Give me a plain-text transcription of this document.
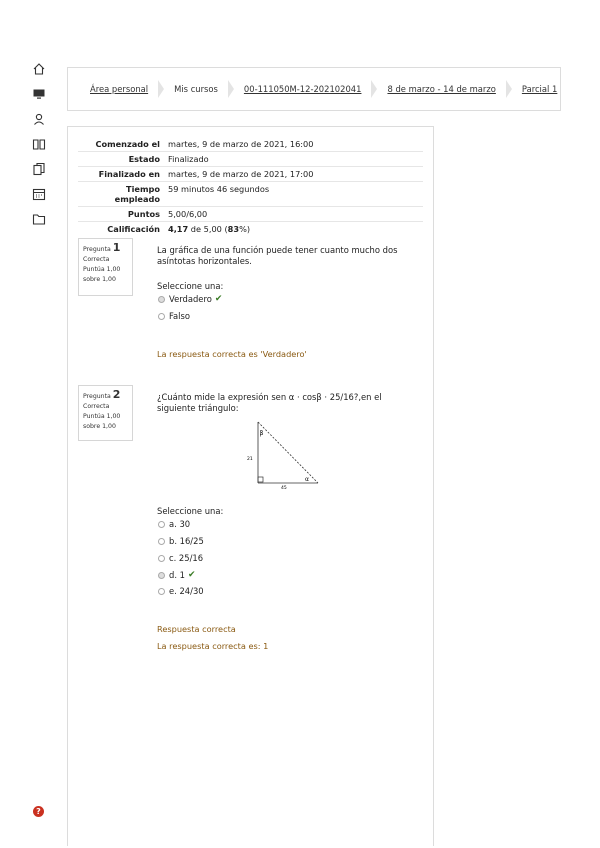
?
Área personal	Mis cursos	00-111050M-12-202102041	8 de marzo - 14 de marzo	Parcial 1
Comenzado el	martes, 9 de marzo de 2021, 16:00
Estado	Finalizado
Finalizado en	martes, 9 de marzo de 2021, 17:00
Tiempo empleado	59 minutos 46 segundos
Puntos	5,00/6,00
Calificación	4,17 de 5,00 (83%)
Pregunta 1
Correcta
Puntúa 1,00 sobre 1,00
La gráfica de una función puede tener cuanto mucho dos asíntotas horizontales.
Seleccione una:
Verdadero ✔
Falso
La respuesta correcta es 'Verdadero'
Pregunta 2
Correcta
Puntúa 1,00 sobre 1,00
¿Cuánto mide la expresión sen α · cosβ · 25/16?,en el siguiente triángulo:
β
α
21
45
Seleccione una:
a. 30
b. 16/25
c. 25/16
d. 1 ✔
e. 24/30
Respuesta correcta
La respuesta correcta es: 1
